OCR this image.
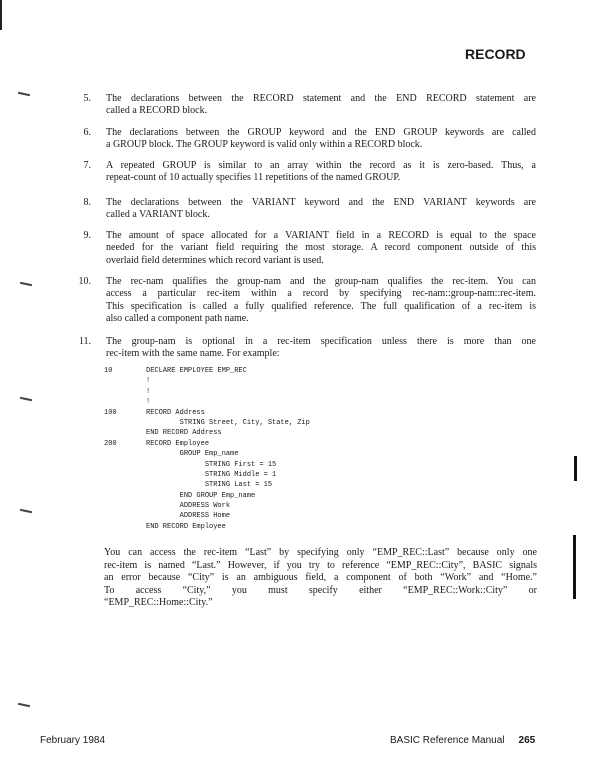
RECORD
5. The declarations between the RECORD statement and the END RECORD statement are
called a RECORD block.
6. The declarations between the GROUP keyword and the END GROUP keywords are called
a GROUP block. The GROUP keyword is valid only within a RECORD block.
7. A repeated GROUP is similar to an array within the record as it is zero-based. Thus, a
repeat-count of 10 actually specifies 11 repetitions of the named GROUP.
8. The declarations between the VARIANT keyword and the END VARIANT keywords are
called a VARIANT block.
9. The amount of space allocated for a VARIANT field in a RECORD is equal to the space
needed for the variant field requiring the most storage. A record component outside of this
overlaid field determines which record variant is used.
10. The rec-nam qualifies the group-nam and the group-nam qualifies the rec-item. You can
access a particular rec-item within a record by specifying rec-nam::group-nam::rec-item.
This specification is called a fully qualified reference. The full qualification of a rec-item is
also called a component path name.
11. The group-nam is optional in a rec-item specification unless there is more than one
rec-item with the same name. For example:
10        DECLARE EMPLOYEE EMP_REC
!
!
!
100       RECORD Address
STRING Street, City, State, Zip
END RECORD Address
200       RECORD Employee
GROUP Emp_name
STRING First = 15
STRING Middle = 1
STRING Last = 15
END GROUP Emp_name
ADDRESS Work
ADDRESS Home
END RECORD Employee
You can access the rec-item “Last” by specifying only “EMP_REC::Last” because only one
rec-item is named “Last.” However, if you try to reference “EMP_REC::City”, BASIC signals
an error because “City” is an ambiguous field, a component of both “Work” and “Home.”
To access “City,” you must specify either “EMP_REC::Work::City” or
“EMP_REC::Home::City.”
February 1984	BASIC Reference Manual 265
